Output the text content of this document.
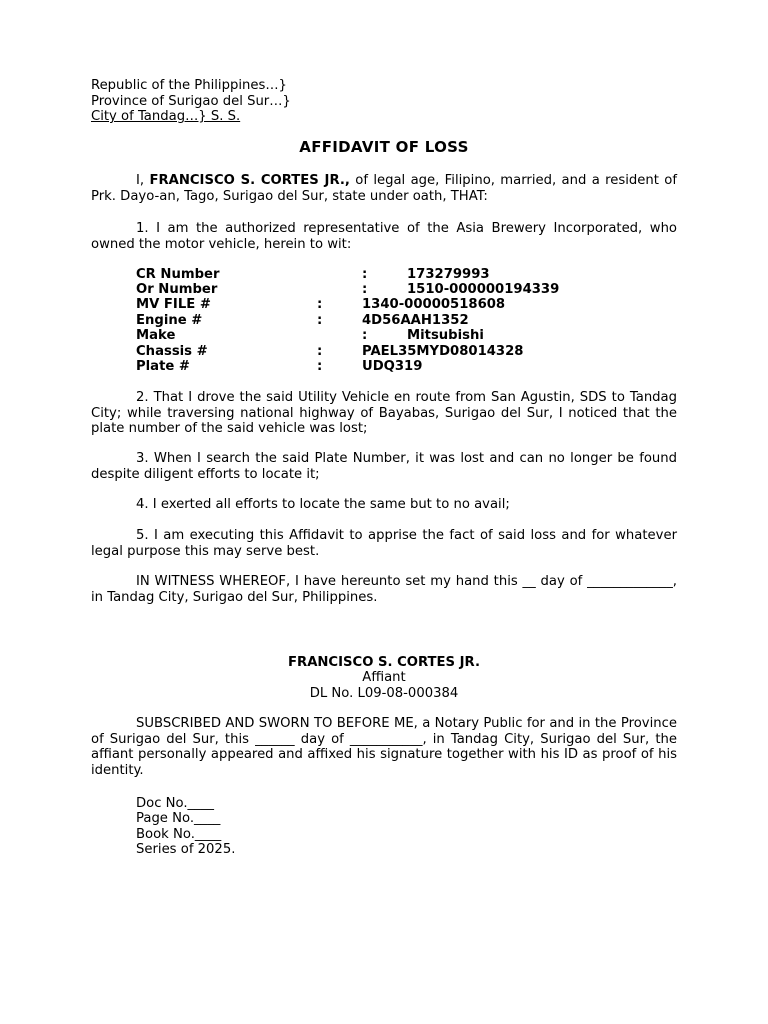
Republic of the Philippines…}
Province of Surigao del Sur…}
City of Tandag…} S. S.
AFFIDAVIT OF LOSS
I, FRANCISCO S. CORTES JR., of legal age, Filipino, married, and a resident of Prk. Dayo-an, Tago, Surigao del Sur, state under oath, THAT:
1. I am the authorized representative of the Asia Brewery Incorporated, who owned the motor vehicle, herein to wit:
CR Number	:	173279993
Or Number	:	1510-000000194339
MV FILE #	:	1340-00000518608
Engine #	:	4D56AAH1352
Make	:	Mitsubishi
Chassis #	:	PAEL35MYD08014328
Plate #	:	UDQ319
2. That I drove the said Utility Vehicle en route from San Agustin, SDS to Tandag City; while traversing national highway of Bayabas, Surigao del Sur, I noticed that the plate number of the said vehicle was lost;
3. When I search the said Plate Number, it was lost and can no longer be found despite diligent efforts to locate it;
4. I exerted all efforts to locate the same but to no avail;
5. I am executing this Affidavit to apprise the fact of said loss and for whatever legal purpose this may serve best.
IN WITNESS WHEREOF, I have hereunto set my hand this __ day of _____________, in Tandag City, Surigao del Sur, Philippines.
FRANCISCO S. CORTES JR.
Affiant
DL No. L09-08-000384
SUBSCRIBED AND SWORN TO BEFORE ME, a Notary Public for and in the Province of Surigao del Sur, this ______ day of ___________, in Tandag City, Surigao del Sur, the affiant personally appeared and affixed his signature together with his ID as proof of his identity.
Doc No.____
Page No.____
Book No.____
Series of 2025.
